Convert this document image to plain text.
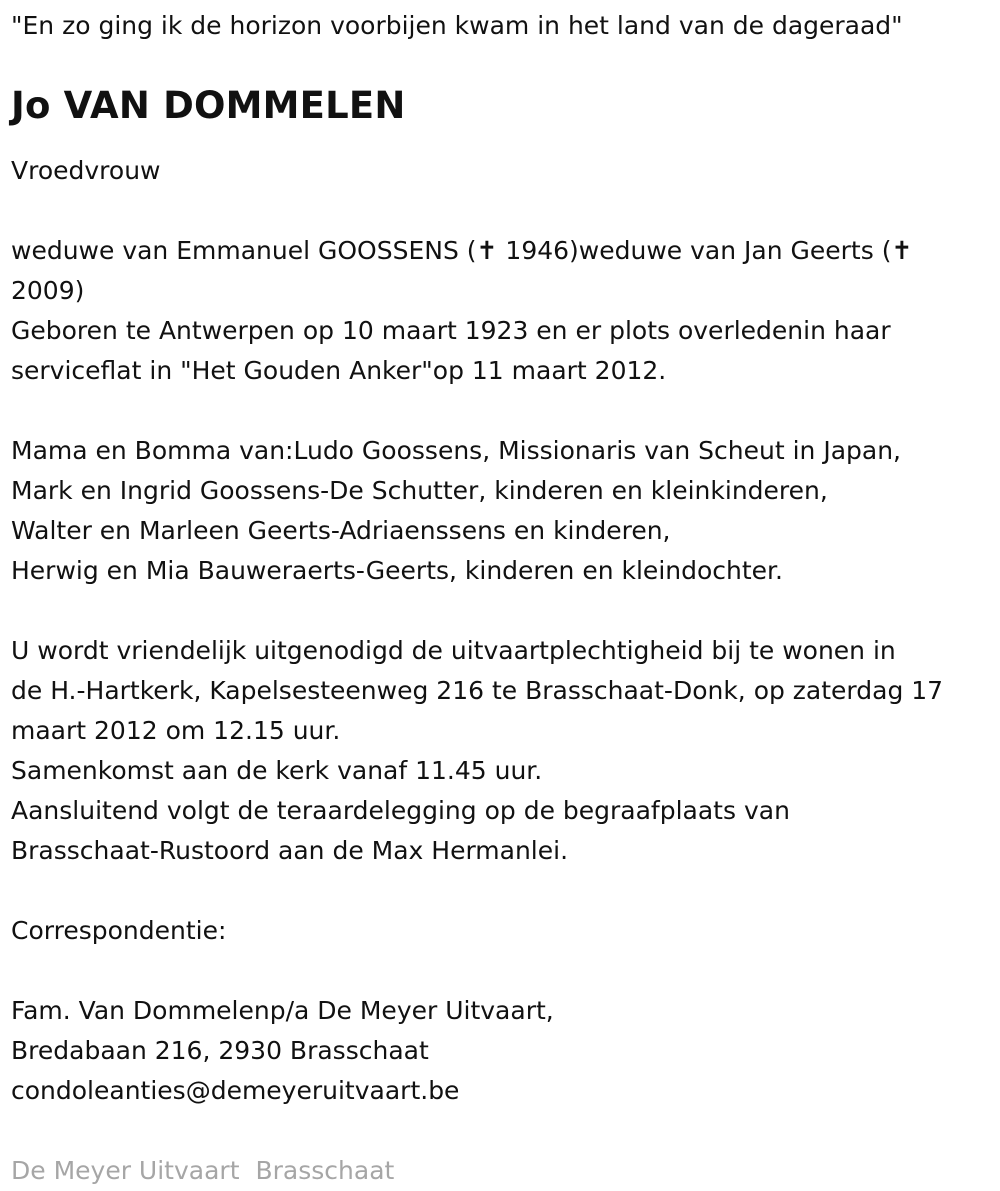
"En zo ging ik de horizon voorbijen kwam in het land van de dageraad"

Jo VAN DOMMELEN

Vroedvrouw

weduwe van Emmanuel GOOSSENS (✝ 1946)weduwe van Jan Geerts (✝

2009)

Geboren te Antwerpen op 10 maart 1923 en er plots overledenin haar

serviceflat in "Het Gouden Anker"op 11 maart 2012.

Mama en Bomma van:Ludo Goossens, Missionaris van Scheut in Japan,

Mark en Ingrid Goossens-De Schutter, kinderen en kleinkinderen,

Walter en Marleen Geerts-Adriaenssens en kinderen,

Herwig en Mia Bauweraerts-Geerts, kinderen en kleindochter.

U wordt vriendelijk uitgenodigd de uitvaartplechtigheid bij te wonen in

de H.-Hartkerk, Kapelsesteenweg 216 te Brasschaat-Donk, op zaterdag 17

maart 2012 om 12.15 uur.

Samenkomst aan de kerk vanaf 11.45 uur.

Aansluitend volgt de teraardelegging op de begraafplaats van

Brasschaat-Rustoord aan de Max Hermanlei.

Correspondentie:

Fam. Van Dommelenp/a De Meyer Uitvaart,

Bredabaan 216, 2930 Brasschaat

condoleanties@demeyeruitvaart.be

De Meyer Uitvaart Brasschaat
